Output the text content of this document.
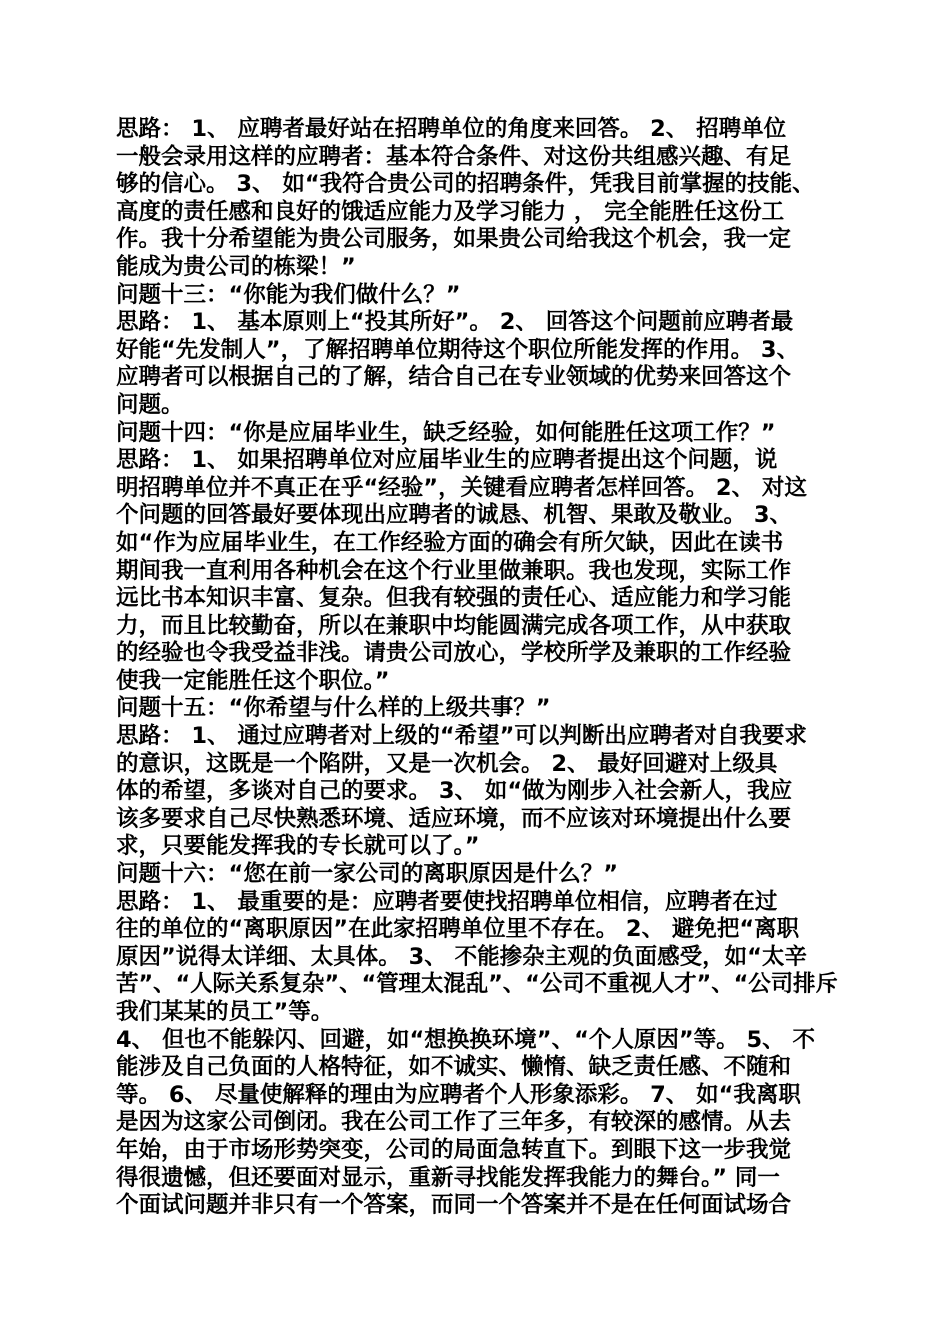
思路： 1、 应聘者最好站在招聘单位的角度来回答。 2、 招聘单位
一般会录用这样的应聘者：基本符合条件、对这份共组感兴趣、有足
够的信心。 3、 如“我符合贵公司的招聘条件，凭我目前掌握的技能、
高度的责任感和良好的饿适应能力及学习能力 ， 完全能胜任这份工
作。我十分希望能为贵公司服务，如果贵公司给我这个机会，我一定
能成为贵公司的栋梁！”
问题十三：“你能为我们做什么？”
思路： 1、 基本原则上“投其所好”。 2、 回答这个问题前应聘者最
好能“先发制人”，了解招聘单位期待这个职位所能发挥的作用。 3、
应聘者可以根据自己的了解，结合自己在专业领域的优势来回答这个
问题。
问题十四：“你是应届毕业生，缺乏经验，如何能胜任这项工作？”
思路： 1、 如果招聘单位对应届毕业生的应聘者提出这个问题，说
明招聘单位并不真正在乎“经验”，关键看应聘者怎样回答。 2、 对这
个问题的回答最好要体现出应聘者的诚恳、机智、果敢及敬业。 3、
如“作为应届毕业生，在工作经验方面的确会有所欠缺，因此在读书
期间我一直利用各种机会在这个行业里做兼职。我也发现，实际工作
远比书本知识丰富、复杂。但我有较强的责任心、适应能力和学习能
力，而且比较勤奋，所以在兼职中均能圆满完成各项工作，从中获取
的经验也令我受益非浅。请贵公司放心，学校所学及兼职的工作经验
使我一定能胜任这个职位。”
问题十五：“你希望与什么样的上级共事？”
思路： 1、 通过应聘者对上级的“希望”可以判断出应聘者对自我要求
的意识，这既是一个陷阱，又是一次机会。 2、 最好回避对上级具
体的希望，多谈对自己的要求。 3、 如“做为刚步入社会新人，我应
该多要求自己尽快熟悉环境、适应环境，而不应该对环境提出什么要
求，只要能发挥我的专长就可以了。”
问题十六：“您在前一家公司的离职原因是什么？”
思路： 1、 最重要的是：应聘者要使找招聘单位相信，应聘者在过
往的单位的“离职原因”在此家招聘单位里不存在。 2、 避免把“离职
原因”说得太详细、太具体。 3、 不能掺杂主观的负面感受，如“太辛
苦”、“人际关系复杂”、“管理太混乱”、“公司不重视人才”、“公司排斥
我们某某的员工”等。
4、 但也不能躲闪、回避，如“想换换环境”、“个人原因”等。 5、 不
能涉及自己负面的人格特征，如不诚实、懒惰、缺乏责任感、不随和
等。 6、 尽量使解释的理由为应聘者个人形象添彩。 7、 如“我离职
是因为这家公司倒闭。我在公司工作了三年多，有较深的感情。从去
年始，由于市场形势突变，公司的局面急转直下。到眼下这一步我觉
得很遗憾，但还要面对显示，重新寻找能发挥我能力的舞台。” 同一
个面试问题并非只有一个答案，而同一个答案并不是在任何面试场合
